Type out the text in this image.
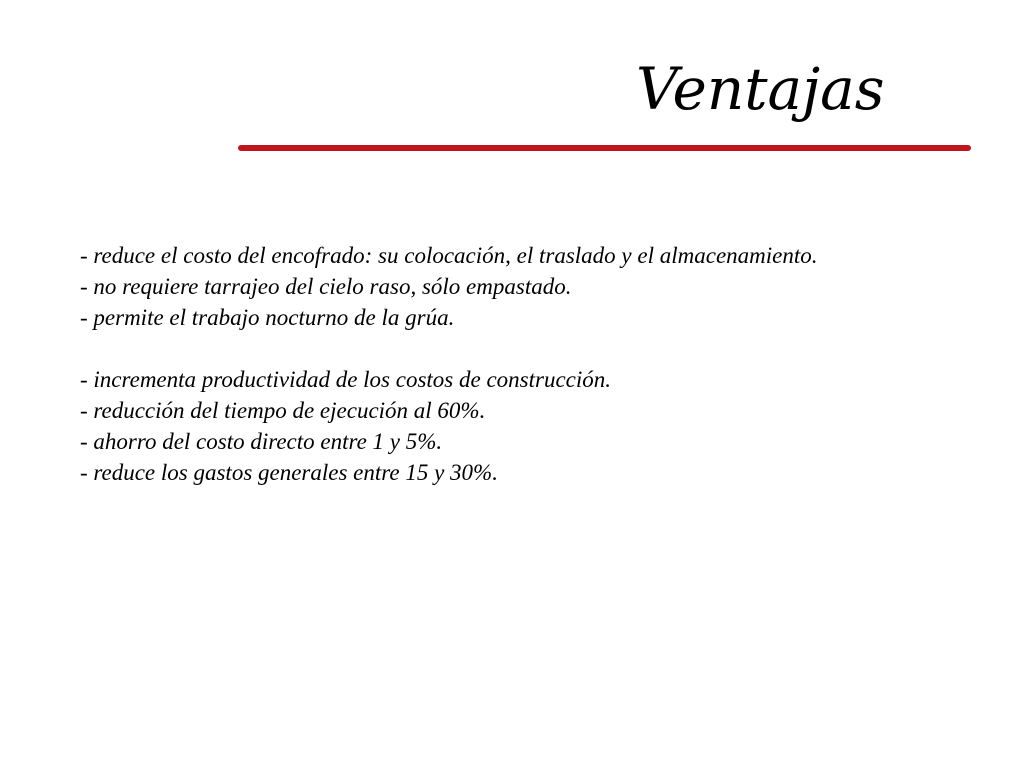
Ventajas
- reduce el costo del encofrado: su colocación, el traslado y el almacenamiento.
- no requiere tarrajeo del cielo raso, sólo empastado.
- permite el trabajo nocturno de la grúa.
- incrementa productividad de los costos de construcción.
- reducción del tiempo de ejecución al 60%.
- ahorro del costo directo entre 1 y 5%.
- reduce los gastos generales entre 15 y 30%.
